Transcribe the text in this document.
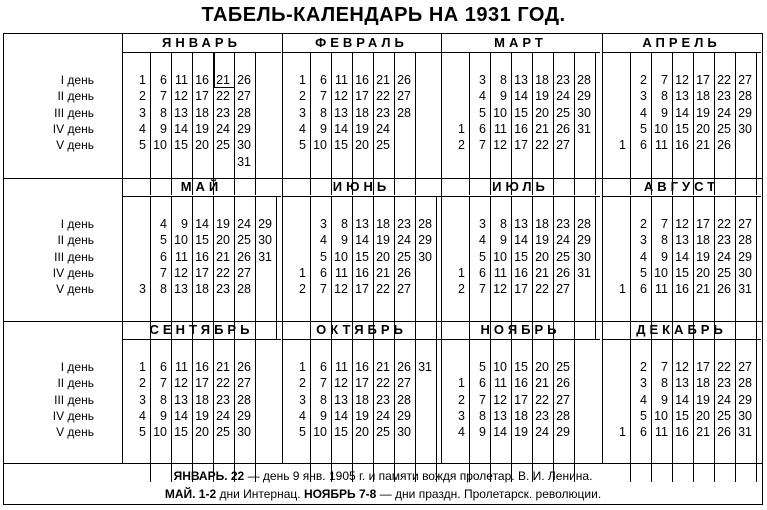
ТАБЕЛЬ-КАЛЕНДАРЬ НА 1931 ГОД.
I день
II день
III день
IV день
V день
ЯНВАРЬ
1
2
3
4
5
6
7
8
9
10
11
12
13
14
15
16
17
18
19
20
21
22
23
24
25
26
27
28
29
30
31
ФЕВРАЛЬ
1
2
3
4
5
6
7
8
9
10
11
12
13
14
15
16
17
18
19
20
21
22
23
24
25
26
27
28
МАРТ
1
2
3
4
5
6
7
8
9
10
11
12
13
14
15
16
17
18
19
20
21
22
23
24
25
26
27
28
29
30
31
АПРЕЛЬ
1
2
3
4
5
6
7
8
9
10
11
12
13
14
15
16
17
18
19
20
21
22
23
24
25
26
27
28
29
30
I день
II день
III день
IV день
V день
МАЙ
3
4
5
6
7
8
9
10
11
12
13
14
15
16
17
18
19
20
21
22
23
24
25
26
27
28
29
30
31
ИЮНЬ
1
2
3
4
5
6
7
8
9
10
11
12
13
14
15
16
17
18
19
20
21
22
23
24
25
26
27
28
29
30
ИЮЛЬ
1
2
3
4
5
6
7
8
9
10
11
12
13
14
15
16
17
18
19
20
21
22
23
24
25
26
27
28
29
30
31
АВГУСТ
1
2
3
4
5
6
7
8
9
10
11
12
13
14
15
16
17
18
19
20
21
22
23
24
25
26
27
28
29
30
31
I день
II день
III день
IV день
V день
СЕНТЯБРЬ
1
2
3
4
5
6
7
8
9
10
11
12
13
14
15
16
17
18
19
20
21
22
23
24
25
26
27
28
29
30
ОКТЯБРЬ
1
2
3
4
5
6
7
8
9
10
11
12
13
14
15
16
17
18
19
20
21
22
23
24
25
26
27
28
29
30
31
НОЯБРЬ
1
2
3
4
5
6
7
8
9
10
11
12
13
14
15
16
17
18
19
20
21
22
23
24
25
26
27
28
29
ДЕКАБРЬ
1
2
3
4
5
6
7
8
9
10
11
12
13
14
15
16
17
18
19
20
21
22
23
24
25
26
27
28
29
30
31
ЯНВАРЬ. 22 — день 9 янв. 1905 г. и памяти вождя пролетар. В. И. Ленина.
МАЙ. 1-2 дни Интернац. НОЯБРЬ 7-8 — дни праздн. Пролетарск. революции.
